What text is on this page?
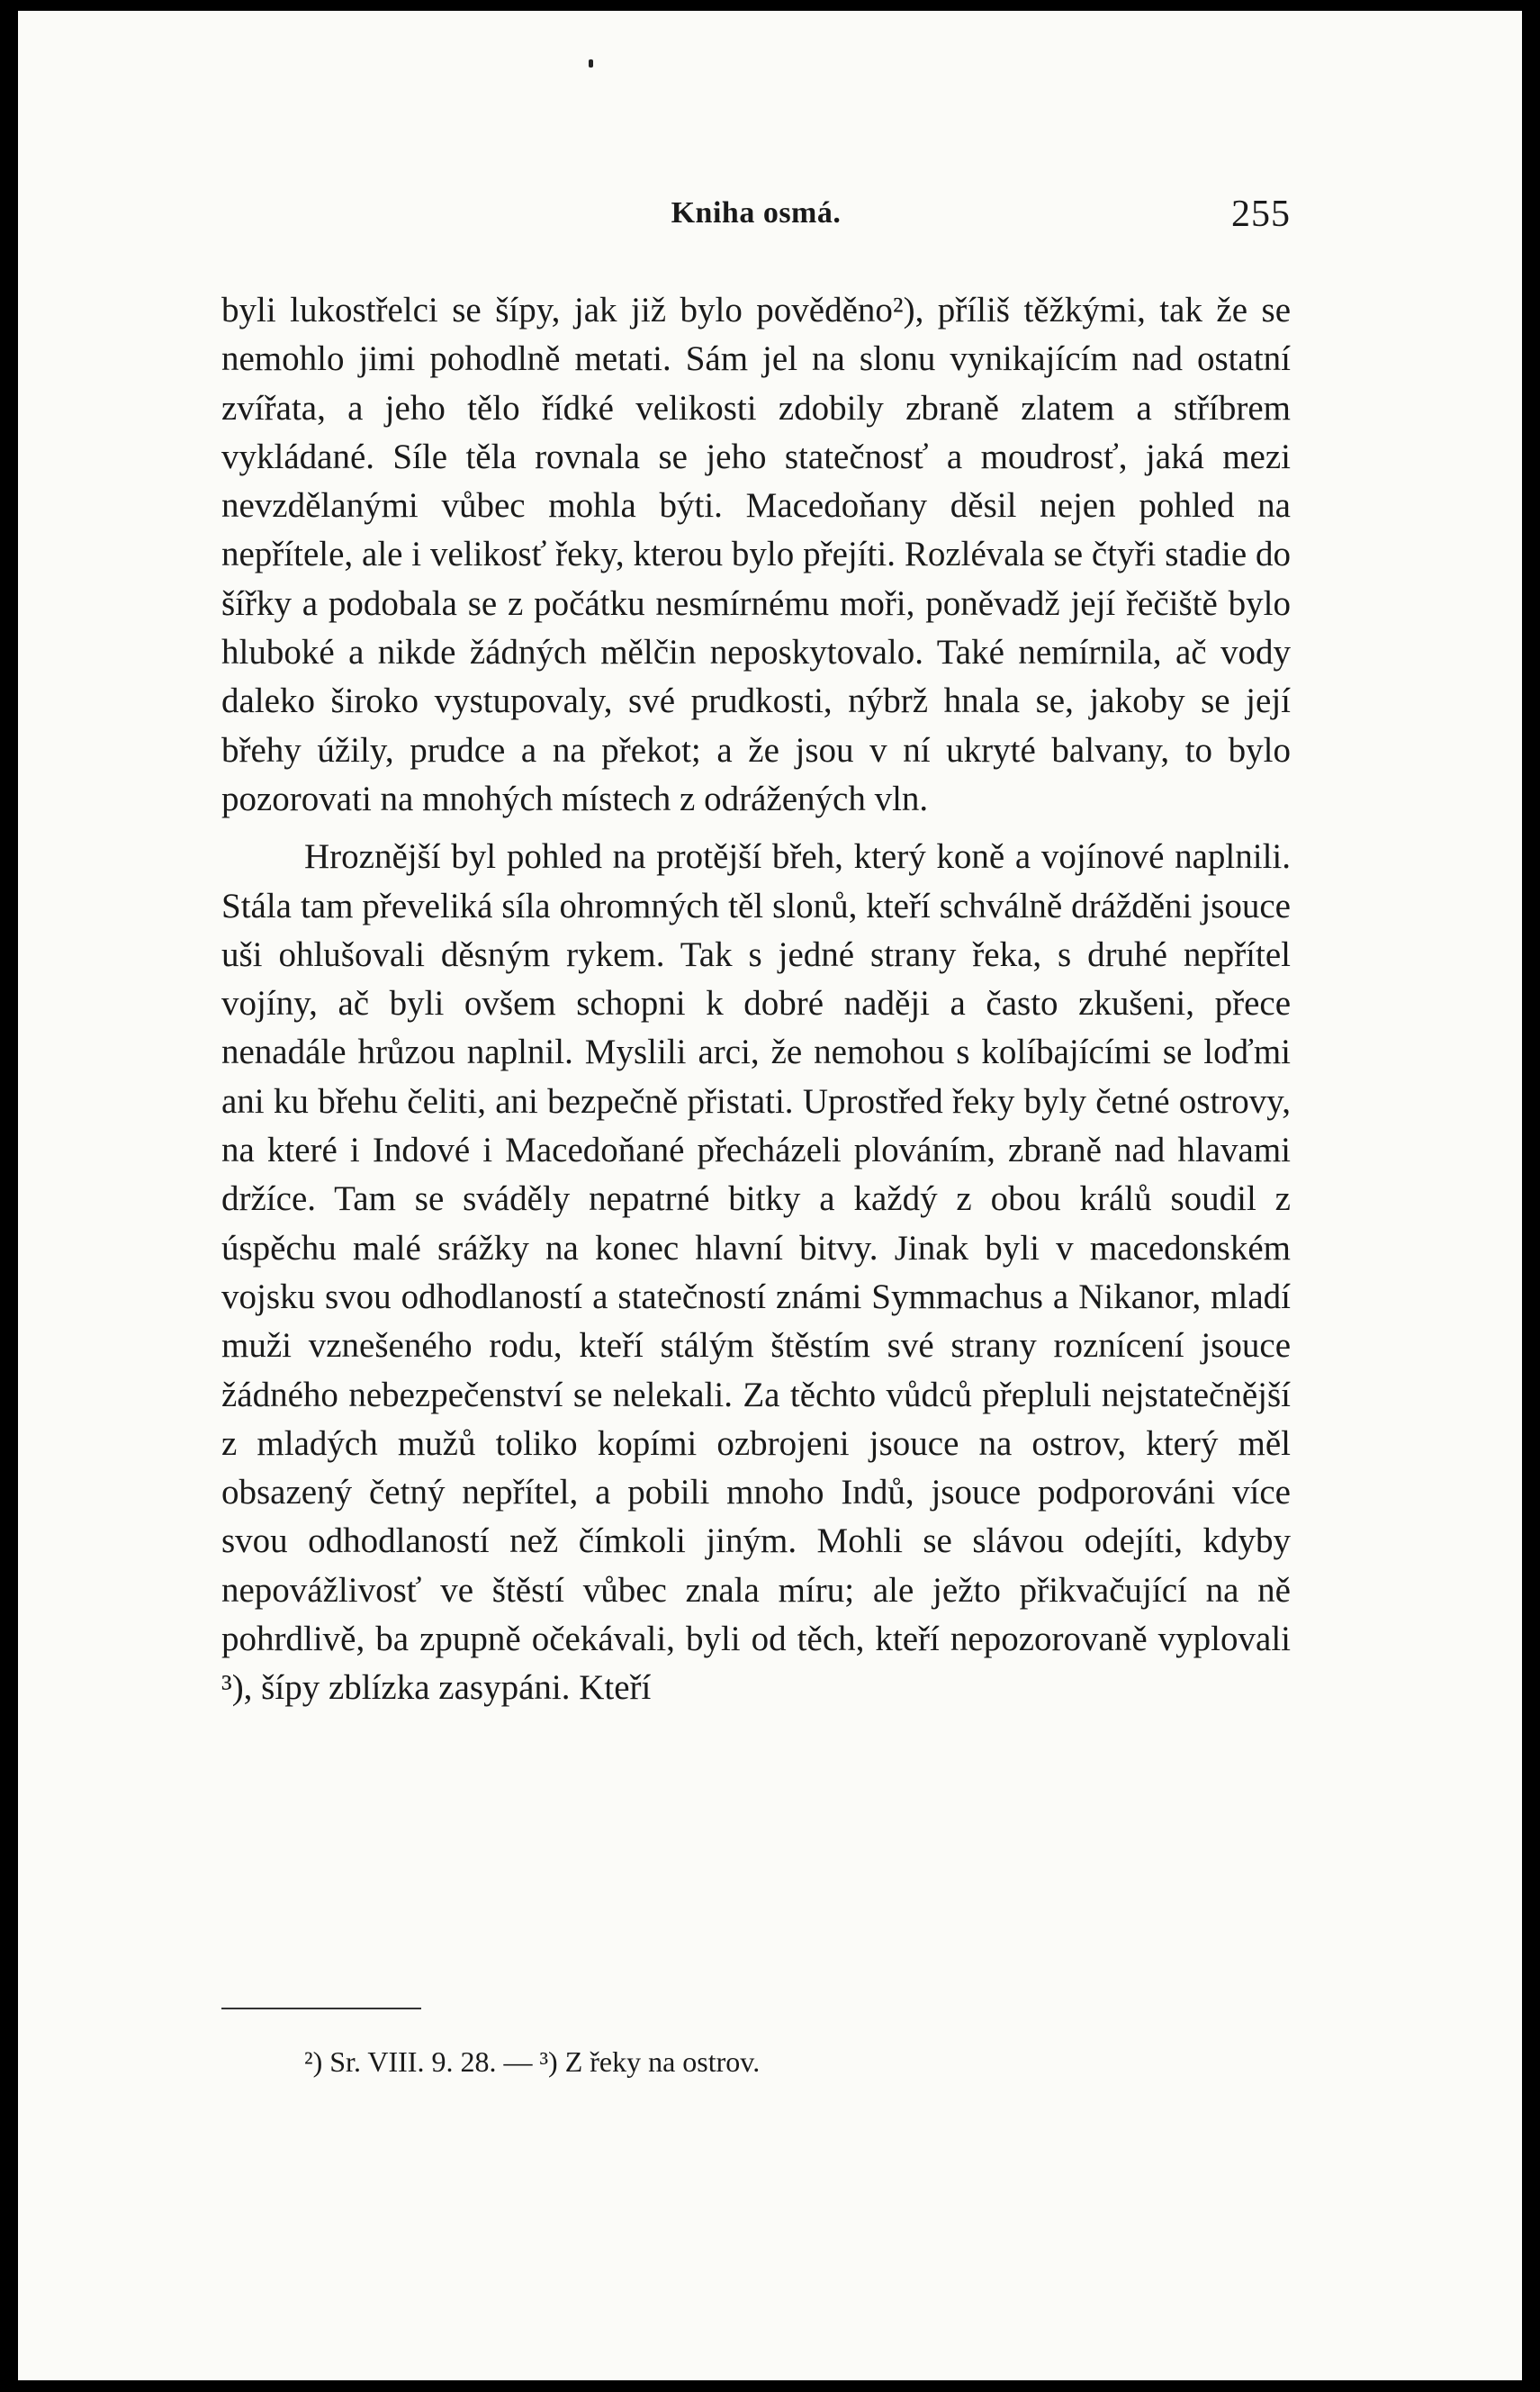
Kniha osmá.	255

byli lukostřelci se šípy, jak již bylo pověděno²), příliš těžkými, tak že se nemohlo jimi pohodlně metati. Sám jel na slonu vynikajícím nad ostatní zvířata, a jeho tělo řídké velikosti zdobily zbraně zlatem a stříbrem vykládané. Síle těla rovnala se jeho statečnosť a moudrosť, jaká mezi nevzdělanými vůbec mohla býti. Macedoňany děsil nejen pohled na nepřítele, ale i velikosť řeky, kterou bylo přejíti. Rozlévala se čtyři stadie do šířky a podobala se z počátku nesmírnému moři, poněvadž její řečiště bylo hluboké a nikde žádných mělčin neposkytovalo. Také nemírnila, ač vody daleko široko vystupovaly, své prudkosti, nýbrž hnala se, jakoby se její břehy úžily, prudce a na překot; a že jsou v ní ukryté balvany, to bylo pozorovati na mnohých místech z odrážených vln.

Hroznější byl pohled na protější břeh, který koně a vojínové naplnili. Stála tam převeliká síla ohromných těl slonů, kteří schválně drážděni jsouce uši ohlušovali děsným rykem. Tak s jedné strany řeka, s druhé nepřítel vojíny, ač byli ovšem schopni k dobré naději a často zkušeni, přece nenadále hrůzou naplnil. Myslili arci, že nemohou s kolíbajícími se loďmi ani ku břehu čeliti, ani bezpečně přistati. Uprostřed řeky byly četné ostrovy, na které i Indové i Macedoňané přecházeli plováním, zbraně nad hlavami držíce. Tam se sváděly nepatrné bitky a každý z obou králů soudil z úspěchu malé srážky na konec hlavní bitvy. Jinak byli v macedonském vojsku svou odhodlaností a statečností známi Symmachus a Nikanor, mladí muži vznešeného rodu, kteří stálým štěstím své strany roznícení jsouce žádného nebezpečenství se nelekali. Za těchto vůdců přepluli nejstatečnější z mladých mužů toliko kopími ozbrojeni jsouce na ostrov, který měl obsazený četný nepřítel, a pobili mnoho Indů, jsouce podporováni více svou odhodlaností než čímkoli jiným. Mohli se slávou odejíti, kdyby nepovážlivosť ve štěstí vůbec znala míru; ale ježto přikvačující na ně pohrdlivě, ba zpupně očekávali, byli od těch, kteří nepozorovaně vyplovali ³), šípy zblízka zasypáni. Kteří

²) Sr. VIII. 9. 28. — ³) Z řeky na ostrov.
